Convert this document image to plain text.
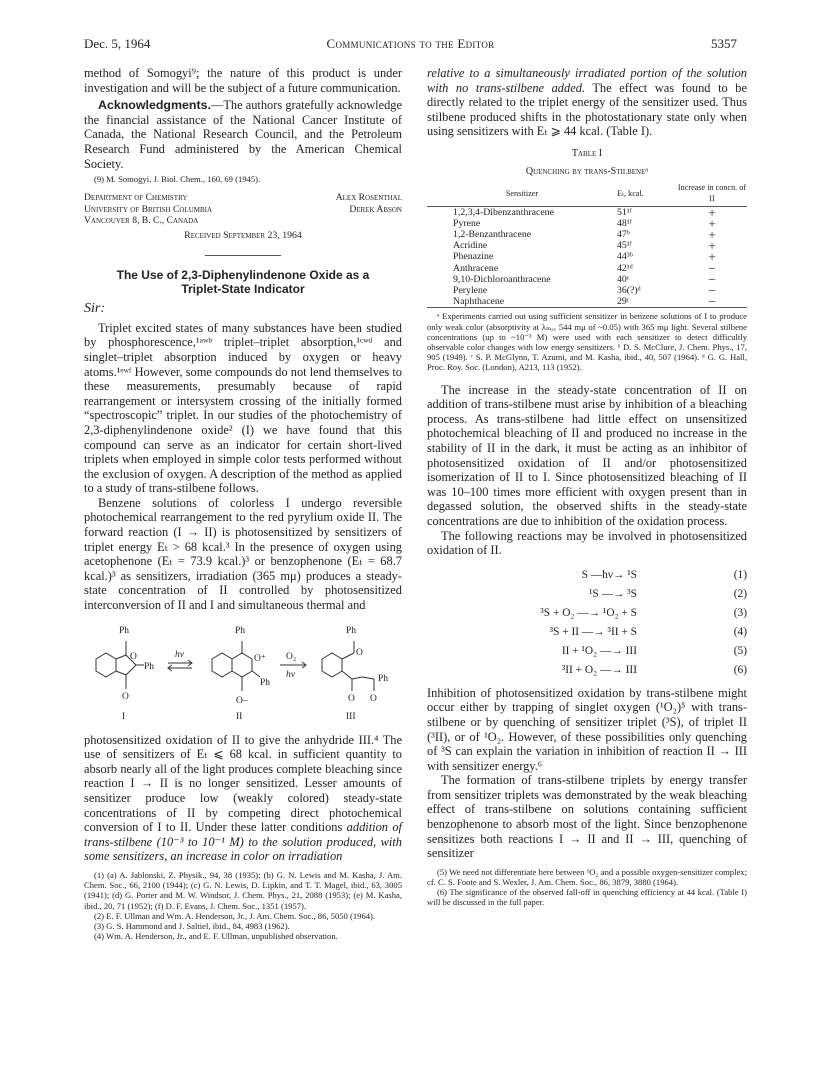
Dec. 5, 1964	Communications to the Editor	5357

method of Somogyi⁹; the nature of this product is under investigation and will be the subject of a future communication.

Acknowledgments.—The authors gratefully acknowledge the financial assistance of the National Cancer Institute of Canada, the National Research Council, and the Petroleum Research Fund administered by the American Chemical Society.

(9) M. Somogyi, J. Biol. Chem., 160, 69 (1945).

Department of Chemistry
University of British Columbia
Vancouver 8, B. C., Canada
Alex Rosenthal
Derek Abson
Received September 23, 1964
The Use of 2,3-Diphenylindenone Oxide as a
Triplet-State Indicator
Sir:

Triplet excited states of many substances have been studied by phosphorescence,¹ᵃʷᵇ triplet–triplet absorption,¹ᶜʷᵈ and singlet–triplet absorption induced by oxygen or heavy atoms.¹ᵉʷᶠ However, some compounds do not lend themselves to these measurements, presumably because of rapid rearrangement or intersystem crossing of the initially formed “spectroscopic” triplet. In our studies of the photochemistry of 2,3-diphenylindenone oxide² (I) we have found that this compound can serve as an indicator for certain short-lived triplets when employed in simple color tests performed without the exclusion of oxygen. A description of the method as applied to a study of trans-stilbene follows.

Benzene solutions of colorless I undergo reversible photochemical rearrangement to the red pyrylium oxide II. The forward reaction (I → II) is photosensitized by sensitizers of triplet energy Eₜ > 68 kcal.³ In the presence of oxygen using acetophenone (Eₜ = 73.9 kcal.)³ or benzophenone (Eₜ = 68.7 kcal.)³ as sensitizers, irradiation (365 mμ) produces a steady-state concentration of II controlled by photosensitized interconversion of II and I and simultaneous thermal and

Ph
O
Ph
O
I
hν
Ph
O⁺
Ph
O–
II
O₂
hν
Ph
O
Ph
O O
III

photosensitized oxidation of II to give the anhydride III.⁴ The use of sensitizers of Eₜ ⩽ 68 kcal. in sufficient quantity to absorb nearly all of the light produces complete bleaching since reaction I → II is no longer sensitized. Lesser amounts of sensitizer produce low (weakly colored) steady-state concentrations of II by competing direct photochemical conversion of I to II. Under these latter conditions addition of trans-stilbene (10⁻³ to 10⁻¹ M) to the solution produced, with some sensitizers, an increase in color on irradiation

(1) (a) A. Jablonski, Z. Physik., 94, 38 (1935); (b) G. N. Lewis and M. Kasha, J. Am. Chem. Soc., 66, 2100 (1944); (c) G. N. Lewis, D. Lipkin, and T. T. Magel, ibid., 63, 3005 (1941); (d) G. Porter and M. W. Windsor, J. Chem. Phys., 21, 2088 (1953); (e) M. Kasha, ibid., 20, 71 (1952); (f) D. F. Evans, J. Chem. Soc., 1351 (1957).

(2) E. F. Ullman and Wm. A. Henderson, Jr., J. Am. Chem. Soc., 86, 5050 (1964).

(3) G. S. Hammond and J. Saltiel, ibid., 84, 4983 (1962).

(4) Wm. A. Henderson, Jr., and E. F. Ullman, unpublished observation.

relative to a simultaneously irradiated portion of the solution with no trans-stilbene added. The effect was found to be directly related to the triplet energy of the sensitizer used. Thus stilbene produced shifts in the photostationary state only when using sensitizers with Eₜ ⩾ 44 kcal. (Table I).

Table I
Quenching by trans-Stilbeneᵃ
Sensitizer	Eₜ, kcal.	Increase in concn. of II
1,2,3,4-Dibenzanthracene	51¹ᶠ	+
Pyrene	48¹ᶠ	+
1,2-Benzanthracene	47ᵇ	+
Acridine	45¹ᶠ	+
Phenazine	44³ᵇ	+
Anthracene	42¹ᵈ	−
9,10-Dichloroanthracene	40ᶜ	−
Perylene	36(?)ᵈ	−
Naphthacene	29ᶜ	−

ᵃ Experiments carried out using sufficient sensitizer in benzene solutions of I to produce only weak color (absorptivity at λₘₐₓ 544 mμ of ~0.05) with 365 mμ light. Several stilbene concentrations (up to ~10⁻¹ M) were used with each sensitizer to detect difficultly observable color changes with low energy sensitizers. ᵇ D. S. McClure, J. Chem. Phys., 17, 905 (1949). ᶜ S. P. McGlynn, T. Azumi, and M. Kasha, ibid., 40, 507 (1964). ᵈ G. G. Hall, Proc. Roy. Soc. (London), A213, 113 (1952).

The increase in the steady-state concentration of II on addition of trans-stilbene must arise by inhibition of a bleaching process. As trans-stilbene had little effect on unsensitized photochemical bleaching of II and produced no increase in the stability of II in the dark, it must be acting as an inhibitor of photosensitized oxidation of II and/or photosensitized isomerization of II to I. Since photosensitized bleaching of II was 10–100 times more efficient with oxygen present than in degassed solution, the observed shifts in the steady-state concentrations are due to inhibition of the oxidation process.

The following reactions may be involved in photosensitized oxidation of II.

S —hν→ ¹S	(1)
¹S —→ ³S	(2)
³S + O₂ —→ ¹O₂ + S	(3)
³S + II —→ ³II + S	(4)
II + ¹O₂ —→ III	(5)
³II + O₂ —→ III	(6)

Inhibition of photosensitized oxidation by trans-stilbene might occur either by trapping of singlet oxygen (¹O₂)⁵ with trans-stilbene or by quenching of sensitizer triplet (³S), of triplet II (³II), or of ¹O₂. However, of these possibilities only quenching of ³S can explain the variation in inhibition of reaction II → III with sensitizer energy.⁶

The formation of trans-stilbene triplets by energy transfer from sensitizer triplets was demonstrated by the weak bleaching effect of trans-stilbene on solutions containing sufficient benzophenone to absorb most of the light. Since benzophenone sensitizes both reactions I → II and II → III, quenching of sensitizer

(5) We need not differentiate here between ¹O₂ and a possible oxygen-sensitizer complex; cf. C. S. Foote and S. Wexler, J. Am. Chem. Soc., 86, 3879, 3880 (1964).

(6) The significance of the observed fall-off in quenching efficiency at 44 kcal. (Table I) will be discussed in the full paper.
